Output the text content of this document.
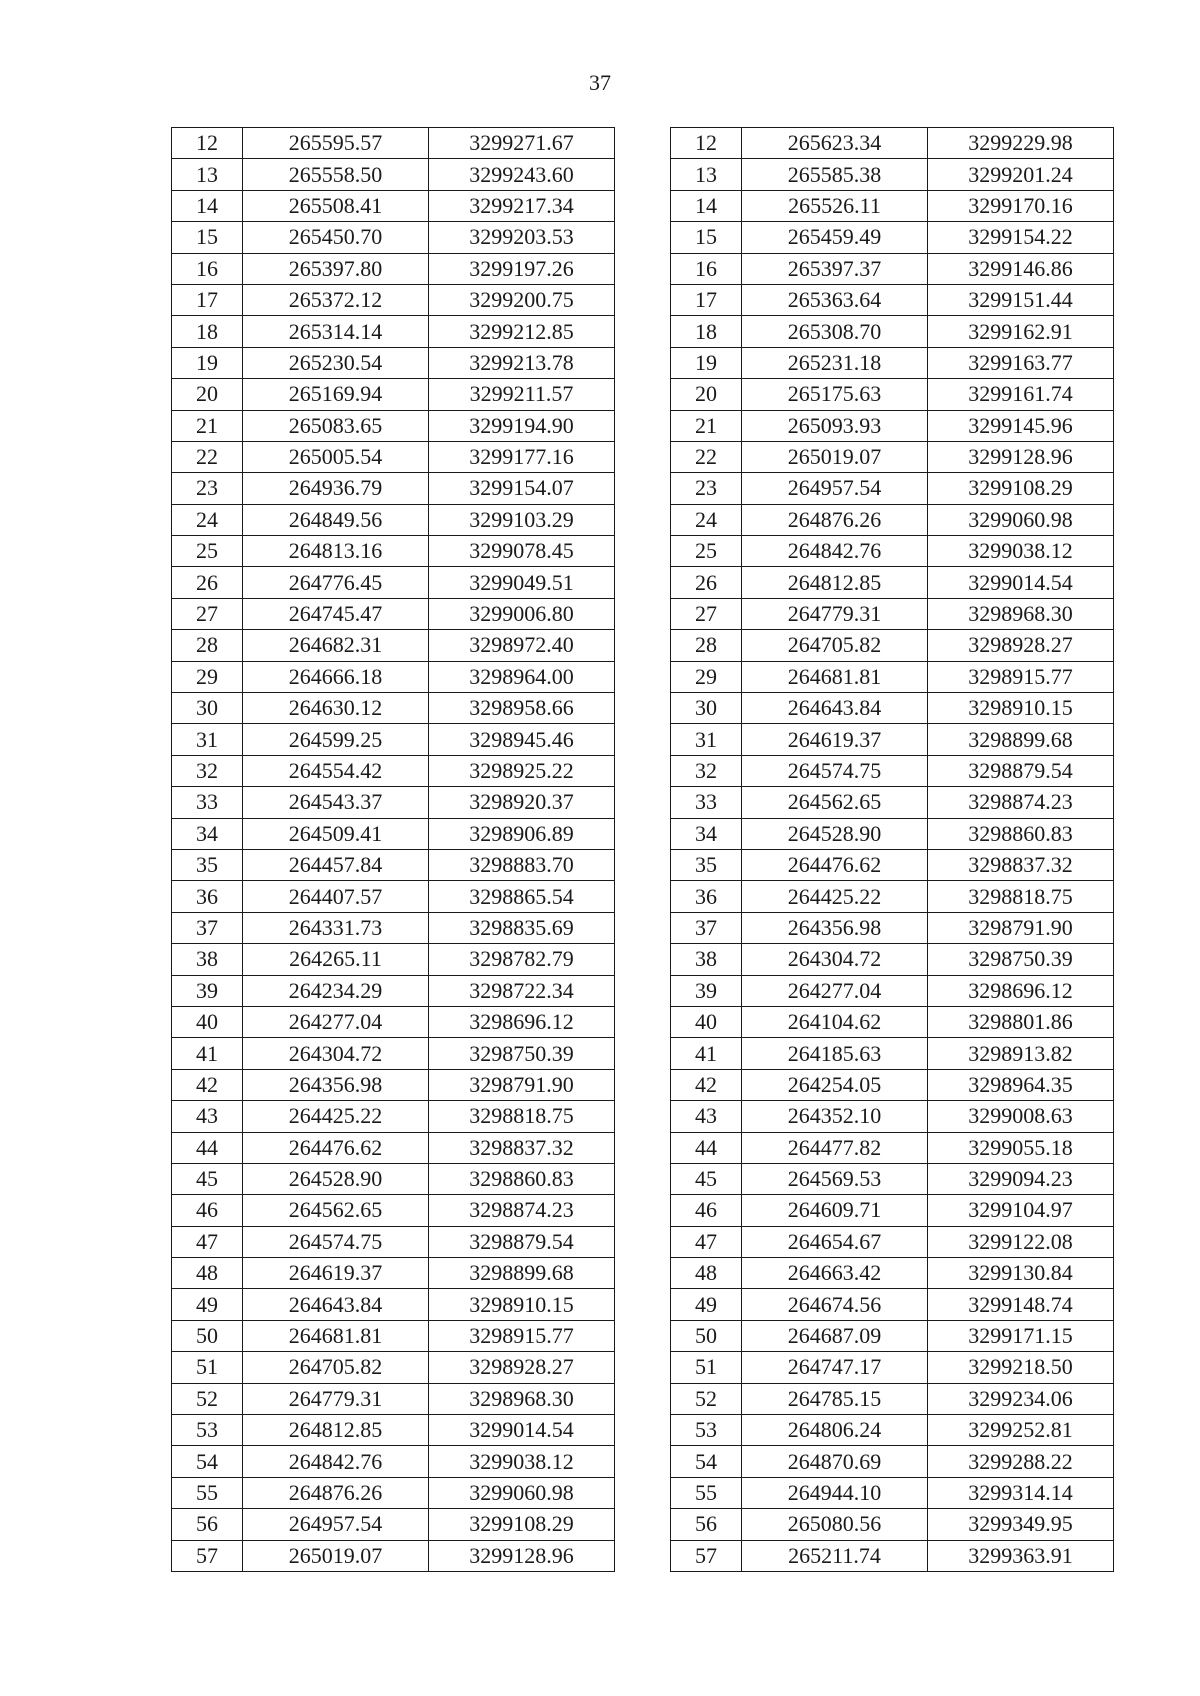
37
12	265595.57	3299271.67		12	265623.34	3299229.98
13	265558.50	3299243.60		13	265585.38	3299201.24
14	265508.41	3299217.34		14	265526.11	3299170.16
15	265450.70	3299203.53		15	265459.49	3299154.22
16	265397.80	3299197.26		16	265397.37	3299146.86
17	265372.12	3299200.75		17	265363.64	3299151.44
18	265314.14	3299212.85		18	265308.70	3299162.91
19	265230.54	3299213.78		19	265231.18	3299163.77
20	265169.94	3299211.57		20	265175.63	3299161.74
21	265083.65	3299194.90		21	265093.93	3299145.96
22	265005.54	3299177.16		22	265019.07	3299128.96
23	264936.79	3299154.07		23	264957.54	3299108.29
24	264849.56	3299103.29		24	264876.26	3299060.98
25	264813.16	3299078.45		25	264842.76	3299038.12
26	264776.45	3299049.51		26	264812.85	3299014.54
27	264745.47	3299006.80		27	264779.31	3298968.30
28	264682.31	3298972.40		28	264705.82	3298928.27
29	264666.18	3298964.00		29	264681.81	3298915.77
30	264630.12	3298958.66		30	264643.84	3298910.15
31	264599.25	3298945.46		31	264619.37	3298899.68
32	264554.42	3298925.22		32	264574.75	3298879.54
33	264543.37	3298920.37		33	264562.65	3298874.23
34	264509.41	3298906.89		34	264528.90	3298860.83
35	264457.84	3298883.70		35	264476.62	3298837.32
36	264407.57	3298865.54		36	264425.22	3298818.75
37	264331.73	3298835.69		37	264356.98	3298791.90
38	264265.11	3298782.79		38	264304.72	3298750.39
39	264234.29	3298722.34		39	264277.04	3298696.12
40	264277.04	3298696.12		40	264104.62	3298801.86
41	264304.72	3298750.39		41	264185.63	3298913.82
42	264356.98	3298791.90		42	264254.05	3298964.35
43	264425.22	3298818.75		43	264352.10	3299008.63
44	264476.62	3298837.32		44	264477.82	3299055.18
45	264528.90	3298860.83		45	264569.53	3299094.23
46	264562.65	3298874.23		46	264609.71	3299104.97
47	264574.75	3298879.54		47	264654.67	3299122.08
48	264619.37	3298899.68		48	264663.42	3299130.84
49	264643.84	3298910.15		49	264674.56	3299148.74
50	264681.81	3298915.77		50	264687.09	3299171.15
51	264705.82	3298928.27		51	264747.17	3299218.50
52	264779.31	3298968.30		52	264785.15	3299234.06
53	264812.85	3299014.54		53	264806.24	3299252.81
54	264842.76	3299038.12		54	264870.69	3299288.22
55	264876.26	3299060.98		55	264944.10	3299314.14
56	264957.54	3299108.29		56	265080.56	3299349.95
57	265019.07	3299128.96		57	265211.74	3299363.91
